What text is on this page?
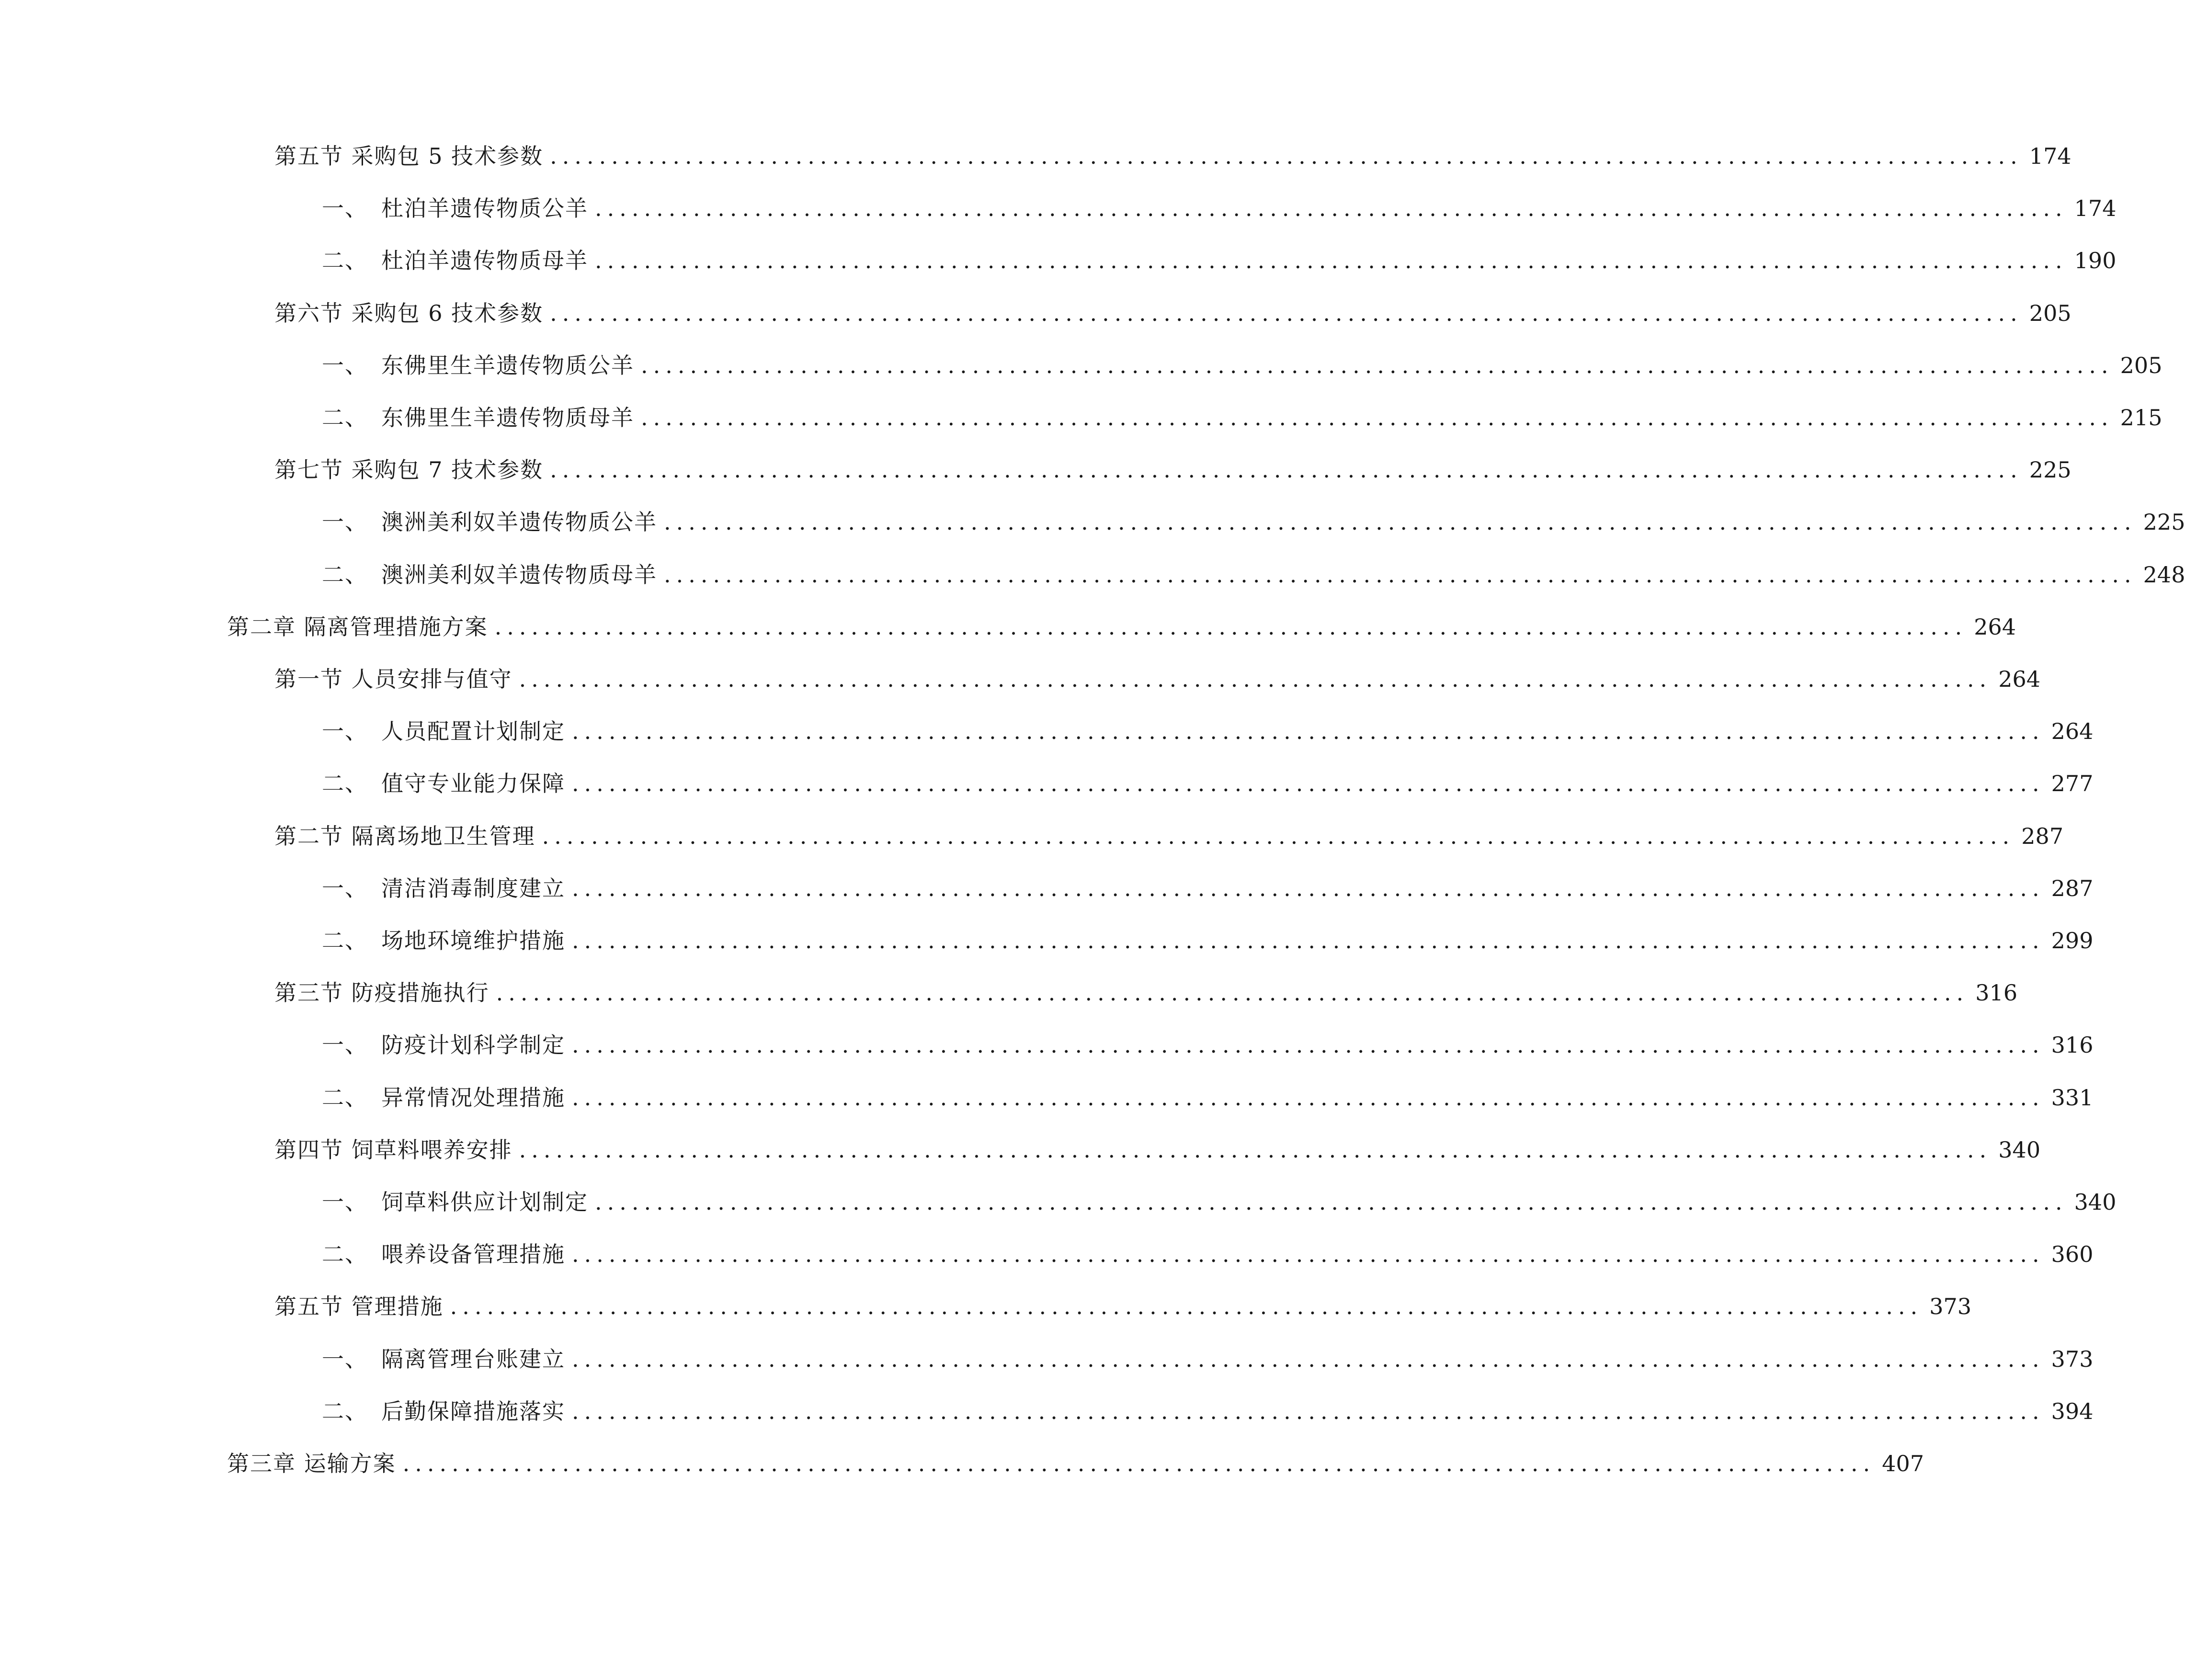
第五节 采购包 5 技术参数 ........................................................................................................................ 174
一、 杜泊羊遗传物质公羊 ........................................................................................................................ 174
二、 杜泊羊遗传物质母羊 ........................................................................................................................ 190
第六节 采购包 6 技术参数 ........................................................................................................................ 205
一、 东佛里生羊遗传物质公羊 ........................................................................................................................ 205
二、 东佛里生羊遗传物质母羊 ........................................................................................................................ 215
第七节 采购包 7 技术参数 ........................................................................................................................ 225
一、 澳洲美利奴羊遗传物质公羊 ........................................................................................................................ 225
二、 澳洲美利奴羊遗传物质母羊 ........................................................................................................................ 248
第二章 隔离管理措施方案 ........................................................................................................................ 264
第一节 人员安排与值守 ........................................................................................................................ 264
一、 人员配置计划制定 ........................................................................................................................ 264
二、 值守专业能力保障 ........................................................................................................................ 277
第二节 隔离场地卫生管理 ........................................................................................................................ 287
一、 清洁消毒制度建立 ........................................................................................................................ 287
二、 场地环境维护措施 ........................................................................................................................ 299
第三节 防疫措施执行 ........................................................................................................................ 316
一、 防疫计划科学制定 ........................................................................................................................ 316
二、 异常情况处理措施 ........................................................................................................................ 331
第四节 饲草料喂养安排 ........................................................................................................................ 340
一、 饲草料供应计划制定 ........................................................................................................................ 340
二、 喂养设备管理措施 ........................................................................................................................ 360
第五节 管理措施 ........................................................................................................................ 373
一、 隔离管理台账建立 ........................................................................................................................ 373
二、 后勤保障措施落实 ........................................................................................................................ 394
第三章 运输方案 ........................................................................................................................ 407
